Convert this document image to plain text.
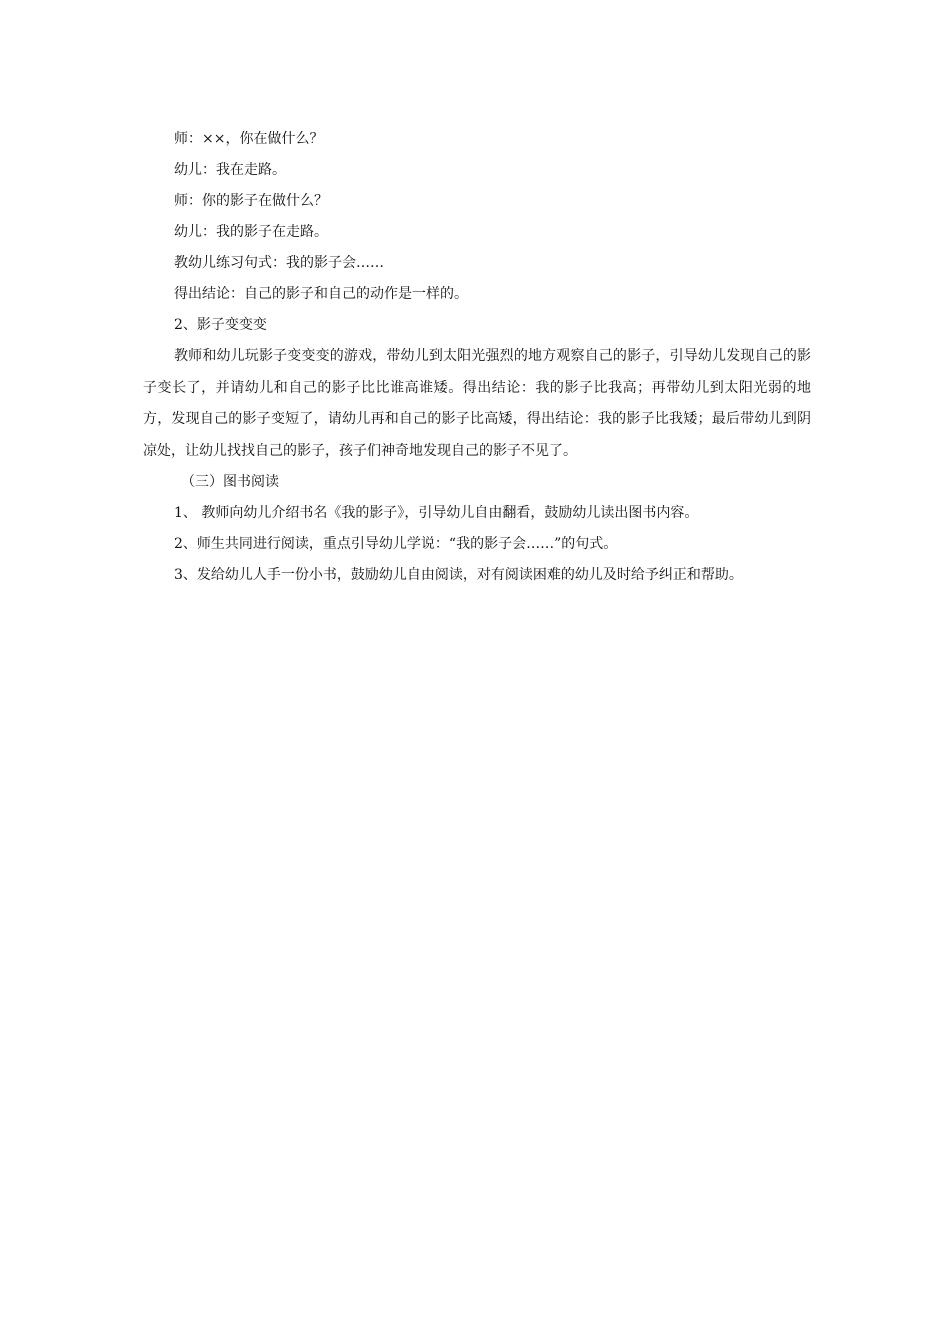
师：××，你在做什么？
幼儿：我在走路。
师：你的影子在做什么？
幼儿：我的影子在走路。
教幼儿练习句式：我的影子会……
得出结论：自己的影子和自己的动作是一样的。
2、影子变变变
教师和幼儿玩影子变变变的游戏，带幼儿到太阳光强烈的地方观察自己的影子，引导幼儿发现自己的影子变长了，并请幼儿和自己的影子比比谁高谁矮。得出结论：我的影子比我高；再带幼儿到太阳光弱的地方，发现自己的影子变短了，请幼儿再和自己的影子比高矮，得出结论：我的影子比我矮；最后带幼儿到阴凉处，让幼儿找找自己的影子，孩子们神奇地发现自己的影子不见了。
（三）图书阅读
1、 教师向幼儿介绍书名《我的影子》，引导幼儿自由翻看，鼓励幼儿读出图书内容。
2、师生共同进行阅读，重点引导幼儿学说：“我的影子会……”的句式。
3、发给幼儿人手一份小书，鼓励幼儿自由阅读，对有阅读困难的幼儿及时给予纠正和帮助。
